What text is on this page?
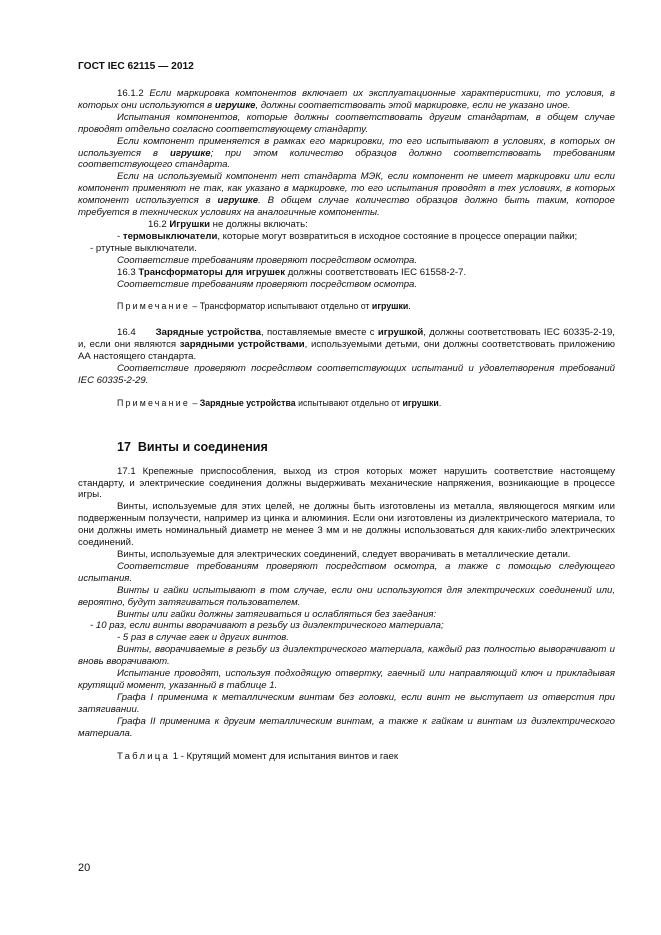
ГОСТ IEC 62115 — 2012

16.1.2 Если маркировка компонентов включает их эксплуатационные характеристики, то условия, в которых они используются в игрушке, должны соответствовать этой маркировке, если не указано иное.

Испытания компонентов, которые должны соответствовать другим стандартам, в общем случае проводят отдельно согласно соответствующему стандарту.

Если компонент применяется в рамках его маркировки, то его испытывают в условиях, в которых он используется в игрушке; при этом количество образцов должно соответствовать требованиям соответствующего стандарта.

Если на используемый компонент нет стандарта МЭК, если компонент не имеет маркировки или если компонент применяют не так, как указано в маркировке, то его испытания проводят в тех условиях, в которых компонент используется в игрушке. В общем случае количество образцов должно быть таким, которое требуется в технических условиях на аналогичные компоненты.

16.2 Игрушки не должны включать:

- термовыключатели, которые могут возвратиться в исходное состояние в процессе операции пайки;

- ртутные выключатели.

Соответствие требованиям проверяют посредством осмотра.

16.3 Трансформаторы для игрушек должны соответствовать IEC 61558-2-7.

Соответствие требованиям проверяют посредством осмотра.

Примечание – Трансформатор испытывают отдельно от игрушки.

16.4 Зарядные устройства, поставляемые вместе с игрушкой, должны соответствовать IEC 60335-2-19, и, если они являются зарядными устройствами, используемыми детьми, они должны соответствовать приложению АА настоящего стандарта.

Соответствие проверяют посредством соответствующих испытаний и удовлетворения требований IEC 60335-2-29.

Примечание – Зарядные устройства испытывают отдельно от игрушки.

17 Винты и соединения

17.1 Крепежные приспособления, выход из строя которых может нарушить соответствие настоящему стандарту, и электрические соединения должны выдерживать механические напряжения, возникающие в процессе игры.

Винты, используемые для этих целей, не должны быть изготовлены из металла, являющегося мягким или подверженным ползучести, например из цинка и алюминия. Если они изготовлены из диэлектрического материала, то они должны иметь номинальный диаметр не менее 3 мм и не должны использоваться для каких-либо электрических соединений.

Винты, используемые для электрических соединений, следует вворачивать в металлические детали.

Соответствие требованиям проверяют посредством осмотра, а также с помощью следующего испытания.

Винты и гайки испытывают в том случае, если они используются для электрических соединений или, вероятно, будут затягиваться пользователем.

Винты или гайки должны затягиваться и ослабляться без заедания:

- 10 раз, если винты вворачивают в резьбу из диэлектрического материала;

- 5 раз в случае гаек и других винтов.

Винты, вворачиваемые в резьбу из диэлектрического материала, каждый раз полностью выворачивают и вновь вворачивают.

Испытание проводят, используя подходящую отвертку, гаечный или направляющий ключ и прикладывая крутящий момент, указанный в таблице 1.

Графа I применима к металлическим винтам без головки, если винт не выступает из отверстия при затягивании.

Графа II применима к другим металлическим винтам, а также к гайкам и винтам из диэлектрического материала.

Таблица 1 - Крутящий момент для испытания винтов и гаек

20
